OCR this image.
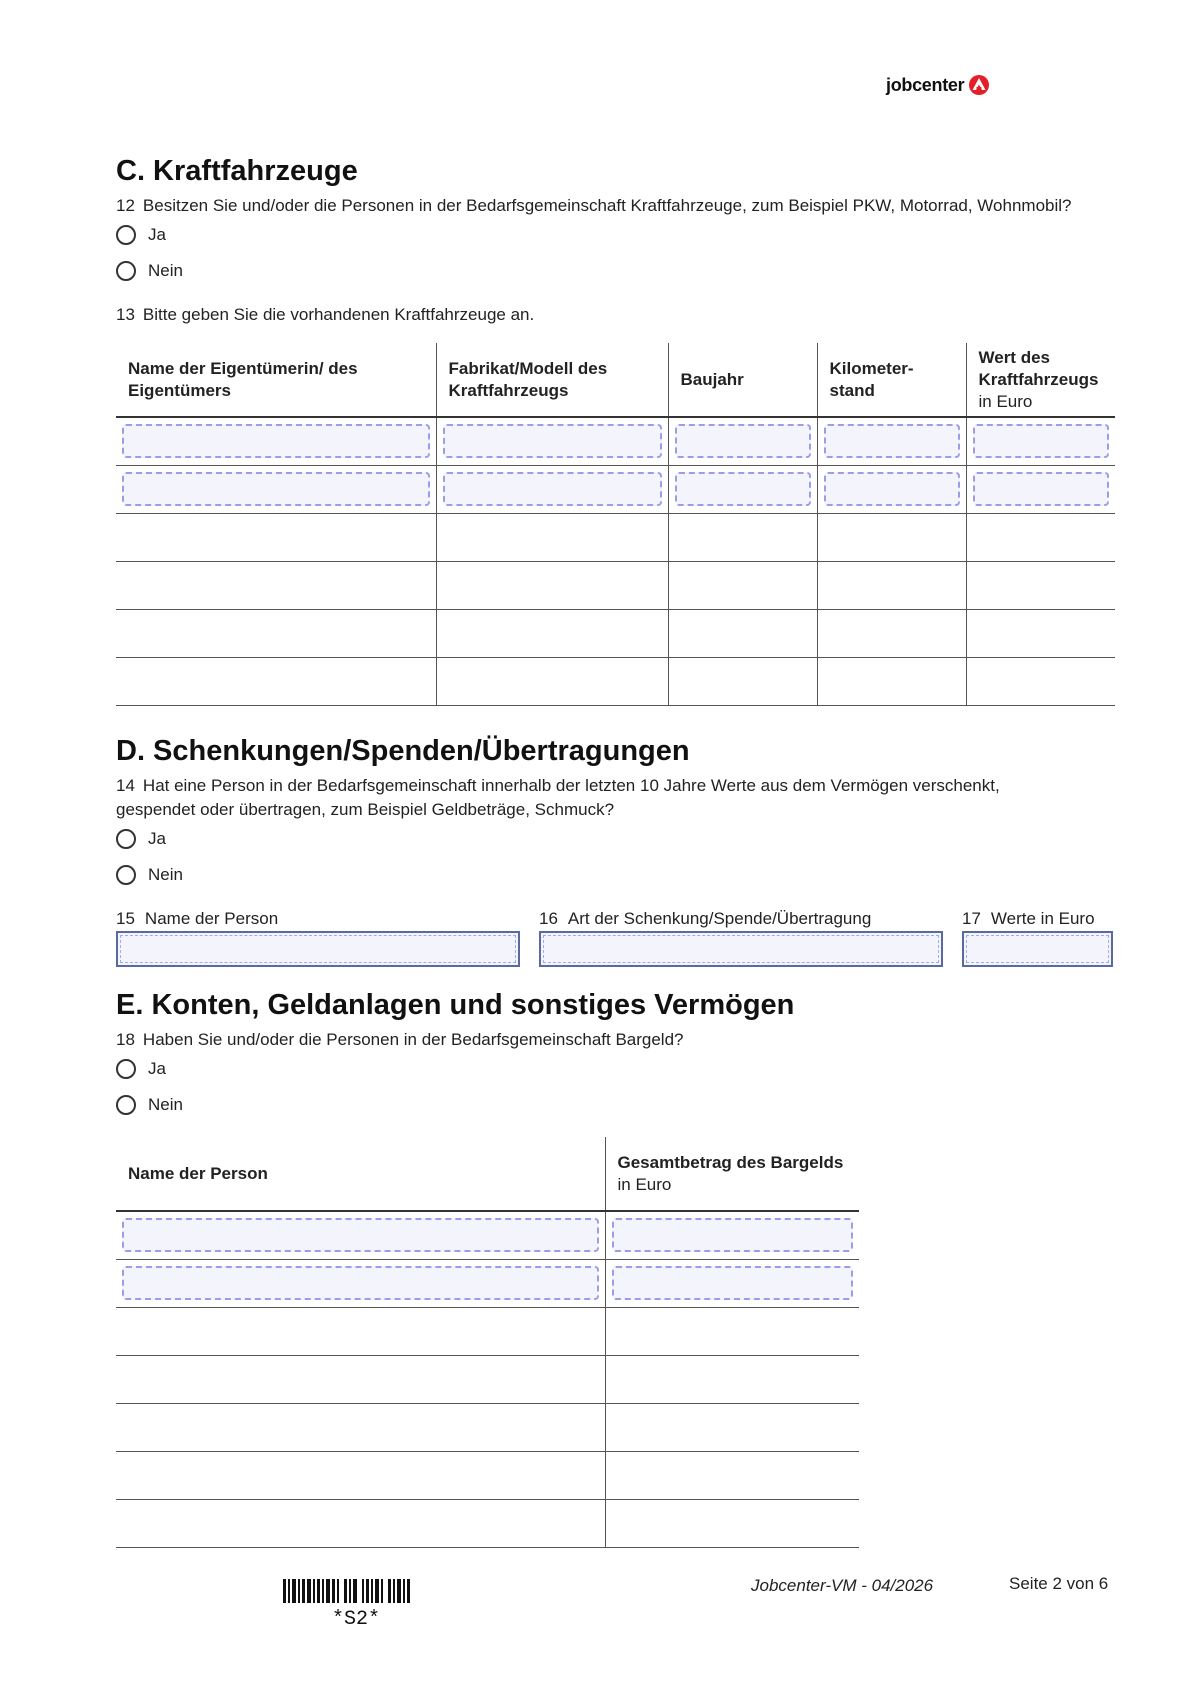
jobcenter
C. Kraftfahrzeuge
12 Besitzen Sie und/oder die Personen in der Bedarfsgemeinschaft Kraftfahrzeuge, zum Beispiel PKW, Motorrad, Wohnmobil?
Ja
Nein
13 Bitte geben Sie die vorhandenen Kraftfahrzeuge an.
Name der Eigentümerin/ des Eigentümers	Fabrikat/Modell des Kraftfahrzeugs	Baujahr	Kilometer-stand	Wert des Kraftfahrzeugs
in Euro

D. Schenkungen/Spenden/Übertragungen
14 Hat eine Person in der Bedarfsgemeinschaft innerhalb der letzten 10 Jahre Werte aus dem Vermögen verschenkt,
gespendet oder übertragen, zum Beispiel Geldbeträge, Schmuck?
Ja
Nein
15 Name der Person	16 Art der Schenkung/Spende/Übertragung	17 Werte in Euro
E. Konten, Geldanlagen und sonstiges Vermögen
18 Haben Sie und/oder die Personen in der Bedarfsgemeinschaft Bargeld?
Ja
Nein
Name der Person	Gesamtbetrag des Bargelds
in Euro

*S2*
Jobcenter-VM - 04/2026	Seite 2 von 6
